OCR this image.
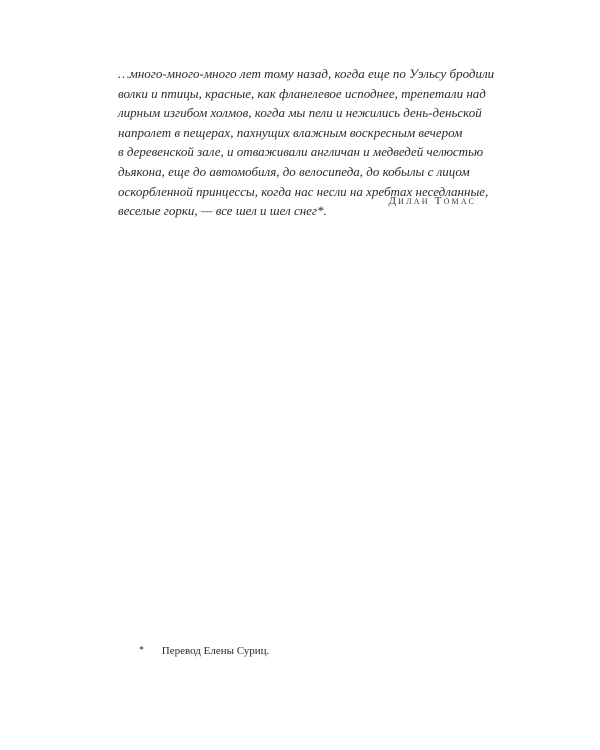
…много-много-много лет тому назад, когда еще по Уэльсу бродили
волки и птицы, красные, как фланелевое исподнее, трепетали над
лирным изгибом холмов, когда мы пели и нежились день-деньской
напролет в пещерах, пахнущих влажным воскресным вечером
в деревенской зале, и отваживали англичан и медведей челюстью
дьякона, еще до автомобиля, до велосипеда, до кобылы с лицом
оскорбленной принцессы, когда нас несли на хребтах неседланные,
веселые горки, — все шел и шел снег*.

Дилан Томас
* Перевод Елены Суриц.
